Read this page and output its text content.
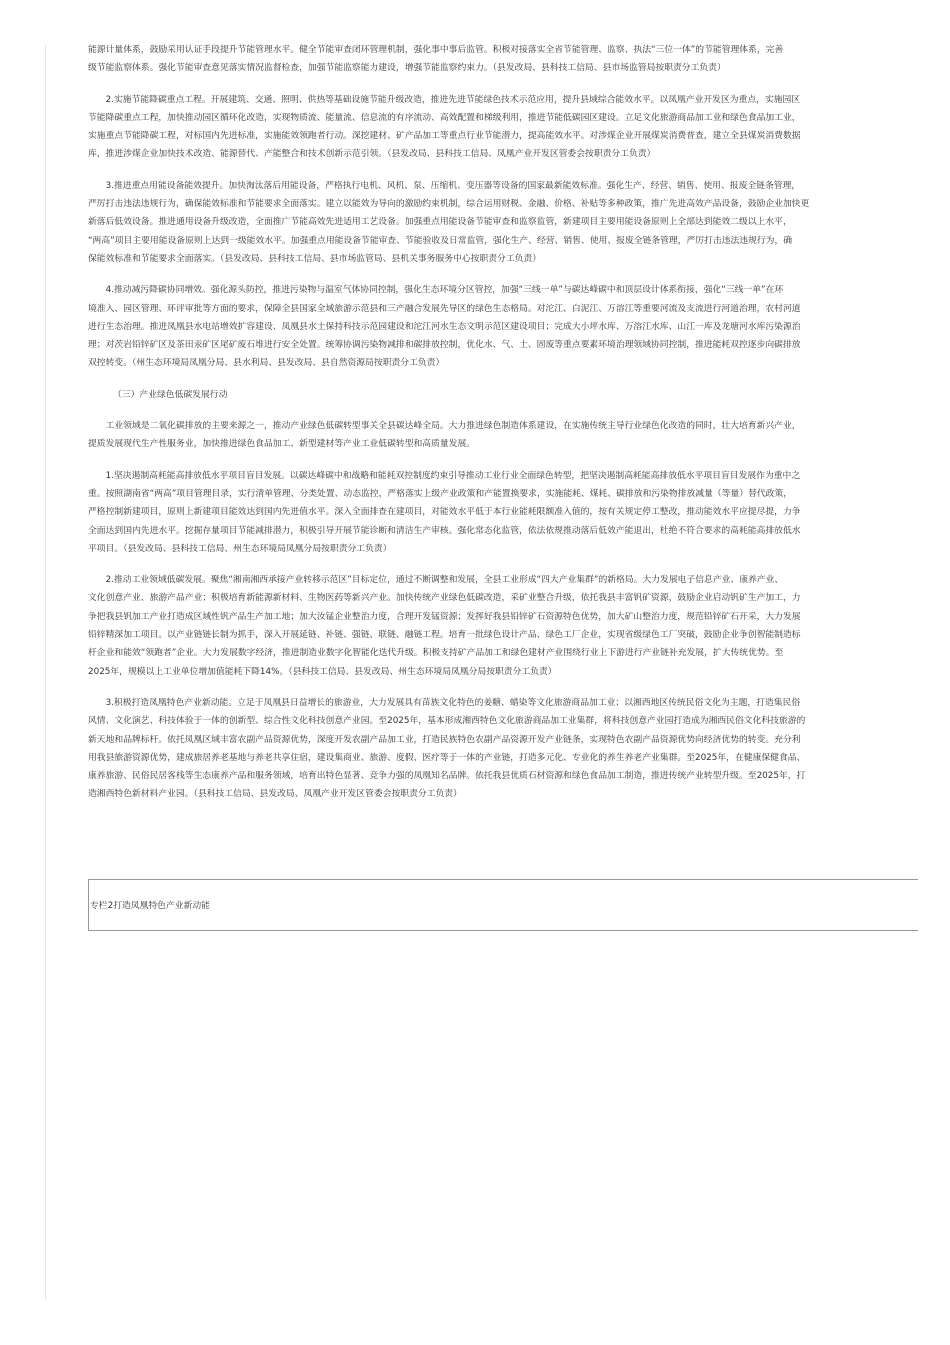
能源计量体系，鼓励采用认证手段提升节能管理水平。健全节能审查闭环管理机制，强化事中事后监管。积极对接落实全省节能管理、监察、执法“三位一体”的节能管理体系，完善
级节能监察体系。强化节能审查意见落实情况监督检查，加强节能监察能力建设，增强节能监察约束力。（县发改局、县科技工信局、县市场监管局按职责分工负责）
　　2.实施节能降碳重点工程。开展建筑、交通、照明、供热等基础设施节能升级改造，推进先进节能绿色技术示范应用，提升县域综合能效水平。以凤凰产业开发区为重点，实施园区
节能降碳重点工程，加快推动园区循环化改造，实现物质流、能量流、信息流的有序流动、高效配置和梯级利用，推进节能低碳园区建设。立足文化旅游商品加工业和绿色食品加工业，
实施重点节能降碳工程，对标国内先进标准，实施能效领跑者行动。深挖建材、矿产品加工等重点行业节能潜力，提高能效水平。对涉煤企业开展煤炭消费普查，建立全县煤炭消费数据
库，推进涉煤企业加快技术改造、能源替代、产能整合和技术创新示范引领。（县发改局、县科技工信局、凤凰产业开发区管委会按职责分工负责）
　　3.推进重点用能设备能效提升。加快淘汰落后用能设备，严格执行电机、风机、泵、压缩机、变压器等设备的国家最新能效标准。强化生产、经营、销售、使用、报废全链条管理，
严厉打击违法违规行为，确保能效标准和节能要求全面落实。建立以能效为导向的激励约束机制，综合运用财税、金融、价格、补贴等多种政策，推广先进高效产品设备，鼓励企业加快更
新落后低效设备。推进通用设备升级改造，全面推广节能高效先进适用工艺设备。加强重点用能设备节能审查和监察监管，新建项目主要用能设备原则上全部达到能效二级以上水平，
“两高”项目主要用能设备原则上达到一级能效水平。加强重点用能设备节能审查、节能验收及日常监管，强化生产、经营、销售、使用、报废全链条管理，严厉打击违法违规行为，确
保能效标准和节能要求全面落实。（县发改局、县科技工信局、县市场监管局、县机关事务服务中心按职责分工负责）
　　4.推动减污降碳协同增效。强化源头防控，推进污染物与温室气体协同控制，强化生态环境分区管控，加强“三线一单”与碳达峰碳中和顶层设计体系衔接，强化“三线一单”在环
境准入、园区管理、环评审批等方面的要求，保障全县国家全域旅游示范县和三产融合发展先导区的绿色生态格局。对沱江、白泥江、万溶江等重要河流及支流进行河道治理，农村河道
进行生态治理。推进凤凰县水电站增效扩容建设、凤凰县水土保持科技示范园建设和沱江河水生态文明示范区建设项目；完成大小坪水库、万溶江水库、山江一库及龙塘河水库污染源治
理；对茨岩铅锌矿区及茶田汞矿区尾矿废石堆进行安全处置。统筹协调污染物减排和碳排放控制，优化水、气、土、固废等重点要素环境治理领域协同控制，推进能耗双控逐步向碳排放
双控转变。（州生态环境局凤凰分局、县水利局、县发改局、县自然资源局按职责分工负责）
（三）产业绿色低碳发展行动
　　工业领域是二氧化碳排放的主要来源之一，推动产业绿色低碳转型事关全县碳达峰全局。大力推进绿色制造体系建设，在实施传统主导行业绿色化改造的同时，壮大培育新兴产业，
提质发展现代生产性服务业，加快推进绿色食品加工、新型建材等产业工业低碳转型和高质量发展。
　　1.坚决遏制高耗能高排放低水平项目盲目发展。以碳达峰碳中和战略和能耗双控制度约束引导推动工业行业全面绿色转型，把坚决遏制高耗能高排放低水平项目盲目发展作为重中之
重。按照湖南省“两高”项目管理目录，实行清单管理、分类处置、动态监控，严格落实上级产业政策和产能置换要求，实施能耗、煤耗、碳排放和污染物排放减量（等量）替代政策，
严格控制新建项目，原则上新建项目能效达到国内先进值水平。深入全面排查在建项目，对能效水平低于本行业能耗限额准入值的，按有关规定停工整改，推动能效水平应提尽提，力争
全面达到国内先进水平。挖掘存量项目节能减排潜力，积极引导开展节能诊断和清洁生产审核。强化常态化监管，依法依规推动落后低效产能退出，杜绝不符合要求的高耗能高排放低水
平项目。（县发改局、县科技工信局、州生态环境局凤凰分局按职责分工负责）
　　2.推动工业领域低碳发展。聚焦“湘南湘西承接产业转移示范区”目标定位，通过不断调整和发展，全县工业形成“四大产业集群”的新格局。大力发展电子信息产业、康养产业、
文化创意产业、旅游产品产业；积极培育新能源新材料、生物医药等新兴产业。加快传统产业绿色低碳改造，采矿业整合升级，依托我县丰富钒矿资源，鼓励企业启动钒矿生产加工，力
争把我县钒加工产业打造成区域性钒产品生产加工地；加大汝锰企业整治力度，合理开发锰资源；发挥好我县铅锌矿石资源特色优势，加大矿山整治力度，规范铅锌矿石开采，大力发展
铅锌精深加工项目。以产业链链长制为抓手，深入开展延链、补链、强链、联链、融链工程。培育一批绿色设计产品、绿色工厂企业，实现省级绿色工厂突破，鼓励企业争创智能制造标
杆企业和能效“领跑者”企业。大力发展数字经济，推进制造业数字化智能化迭代升级。积极支持矿产品加工和绿色建材产业围绕行业上下游进行产业链补充发展，扩大传统优势。至
2025年，规模以上工业单位增加值能耗下降14%。（县科技工信局、县发改局、州生态环境局凤凰分局按职责分工负责）
　　3.积极打造凤凰特色产业新动能。立足于凤凰县日益增长的旅游业，大力发展具有苗族文化特色的姜糖、蜡染等文化旅游商品加工业；以湘西地区传统民俗文化为主题，打造集民俗
风情、文化演艺、科技体验于一体的创新型、综合性文化科技创意产业园。至2025年，基本形成湘西特色文化旅游商品加工业集群，将科技创意产业园打造成为湘西民俗文化科技旅游的
新天地和品牌标杆。依托凤凰区域丰富农副产品资源优势，深度开发农副产品加工业，打造民族特色农副产品资源开发产业链条，实现特色农副产品资源优势向经济优势的转变。充分利
用我县旅游资源优势，建成旅居养老基地与养老共享住宿，建设集商业、旅游、度假、医疗等于一体的产业链，打造多元化、专业化的养生养老产业集群。至2025年，在健康保健食品、
康养旅游、民俗民居客栈等生态康养产品和服务领域，培育出特色显著、竞争力强的凤凰知名品牌。依托我县优质石材资源和绿色食品加工制造，推进传统产业转型升级。至2025年，打
造湘西特色新材料产业园。（县科技工信局、县发改局、凤凰产业开发区管委会按职责分工负责）
专栏2打造凤凰特色产业新动能
